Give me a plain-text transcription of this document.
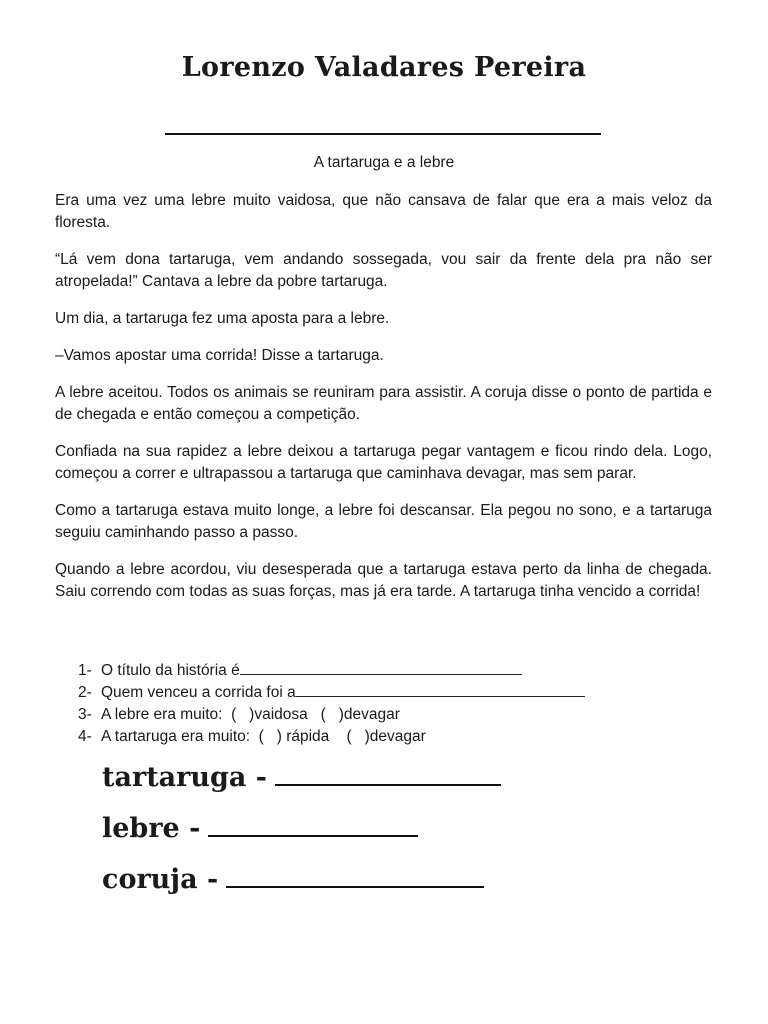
Lorenzo Valadares Pereira
A tartaruga e a lebre

Era uma vez uma lebre muito vaidosa, que não cansava de falar que era a mais veloz da floresta.

“Lá vem dona tartaruga, vem andando sossegada, vou sair da frente dela pra não ser atropelada!” Cantava a lebre da pobre tartaruga.

Um dia, a tartaruga fez uma aposta para a lebre.

–Vamos apostar uma corrida! Disse a tartaruga.

A lebre aceitou. Todos os animais se reuniram para assistir. A coruja disse o ponto de partida e de chegada e então começou a competição.

Confiada na sua rapidez a lebre deixou a tartaruga pegar vantagem e ficou rindo dela. Logo, começou a correr e ultrapassou a tartaruga que caminhava devagar, mas sem parar.

Como a tartaruga estava muito longe, a lebre foi descansar. Ela pegou no sono, e a tartaruga seguiu caminhando passo a passo.

Quando a lebre acordou, viu desesperada que a tartaruga estava perto da linha de chegada. Saiu correndo com todas as suas forças, mas já era tarde. A tartaruga tinha vencido a corrida!

1- O título da história é
2- Quem venceu a corrida foi a
3- A lebre era muito:  (   )vaidosa   (   )devagar
4- A tartaruga era muito:  (   ) rápida    (   )devagar
tartaruga -
lebre -
coruja -
